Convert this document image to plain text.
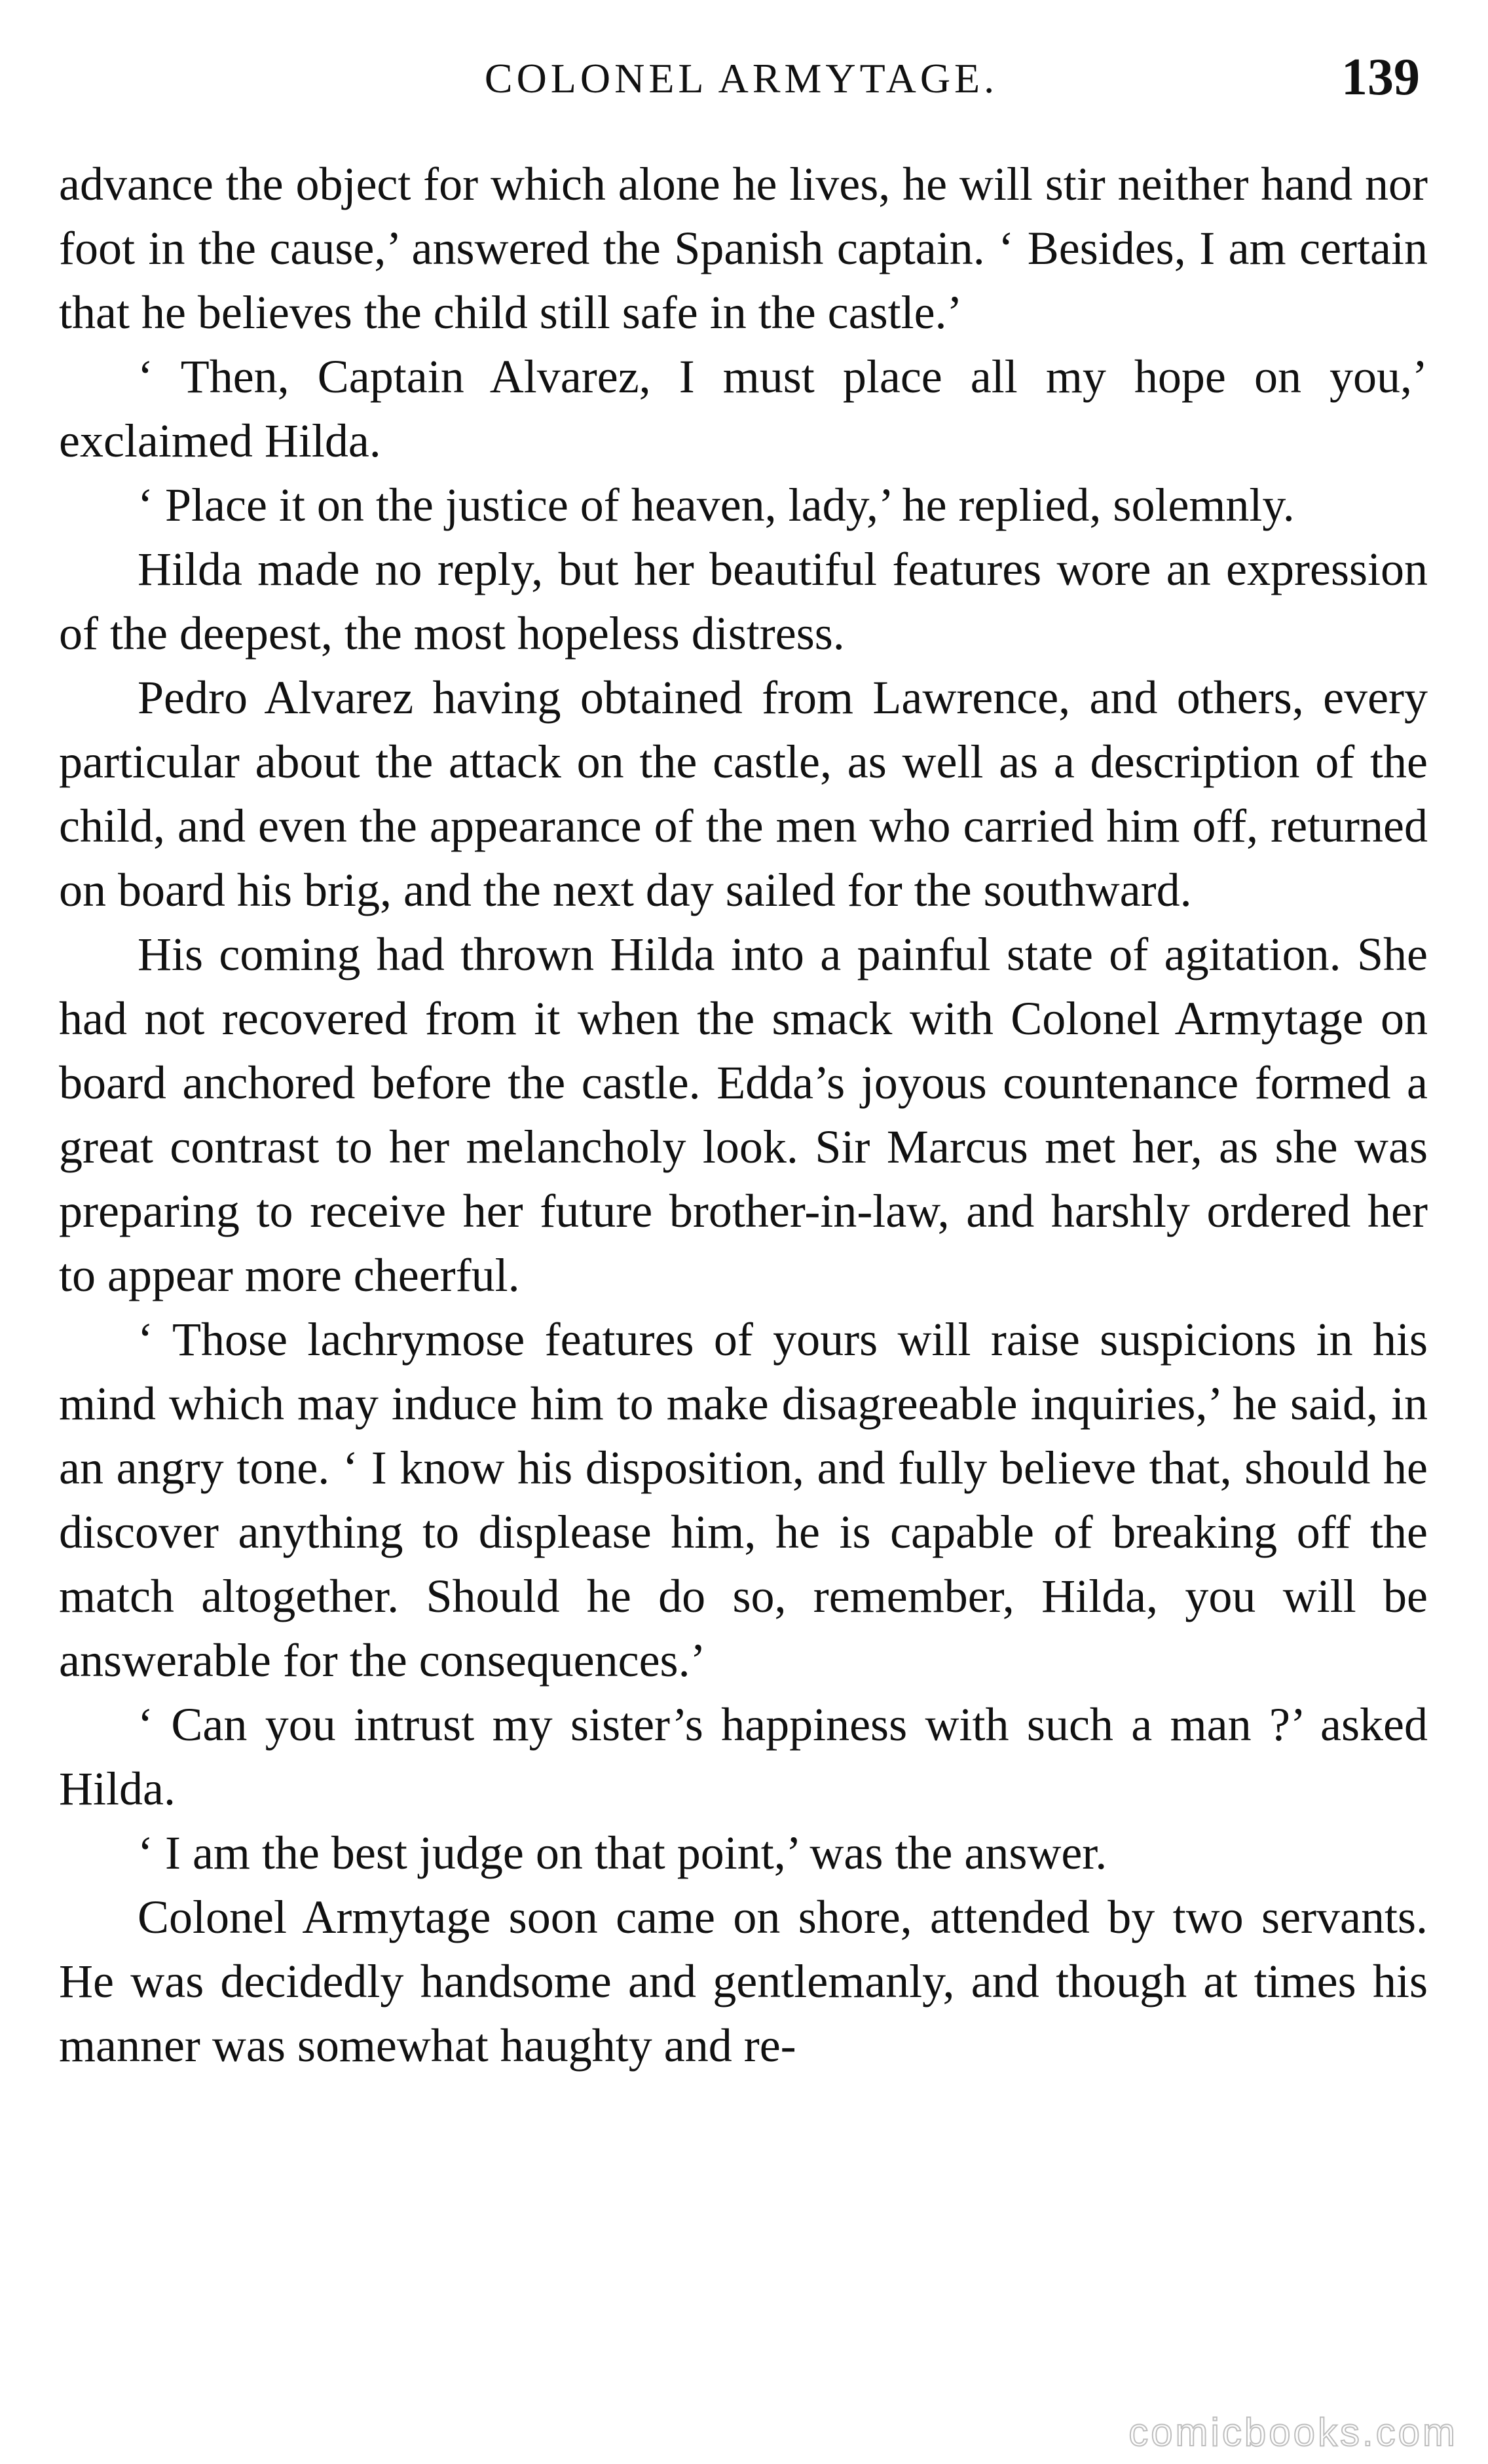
COLONEL ARMYTAGE.	139

advance the object for which alone he lives, he will stir neither hand nor foot in the cause,’ answered the Spanish captain. ‘ Besides, I am certain that he believes the child still safe in the castle.’

‘ Then, Captain Alvarez, I must place all my hope on you,’ exclaimed Hilda.

‘ Place it on the justice of heaven, lady,’ he replied, solemnly.

Hilda made no reply, but her beautiful features wore an expression of the deepest, the most hopeless distress.

Pedro Alvarez having obtained from Lawrence, and others, every particular about the attack on the castle, as well as a description of the child, and even the appearance of the men who carried him off, returned on board his brig, and the next day sailed for the southward.

His coming had thrown Hilda into a painful state of agitation. She had not recovered from it when the smack with Colonel Armytage on board anchored before the castle. Edda’s joyous countenance formed a great contrast to her melancholy look. Sir Marcus met her, as she was preparing to receive her future brother-in-law, and harshly ordered her to appear more cheerful.

‘ Those lachrymose features of yours will raise suspicions in his mind which may induce him to make disagreeable inquiries,’ he said, in an angry tone. ‘ I know his disposition, and fully believe that, should he discover anything to displease him, he is capable of breaking off the match altogether. Should he do so, remember, Hilda, you will be answerable for the consequences.’

‘ Can you intrust my sister’s happiness with such a man ?’ asked Hilda.

‘ I am the best judge on that point,’ was the answer.

Colonel Armytage soon came on shore, attended by two servants. He was decidedly handsome and gentlemanly, and though at times his manner was somewhat haughty and re-

comicbooks.com
